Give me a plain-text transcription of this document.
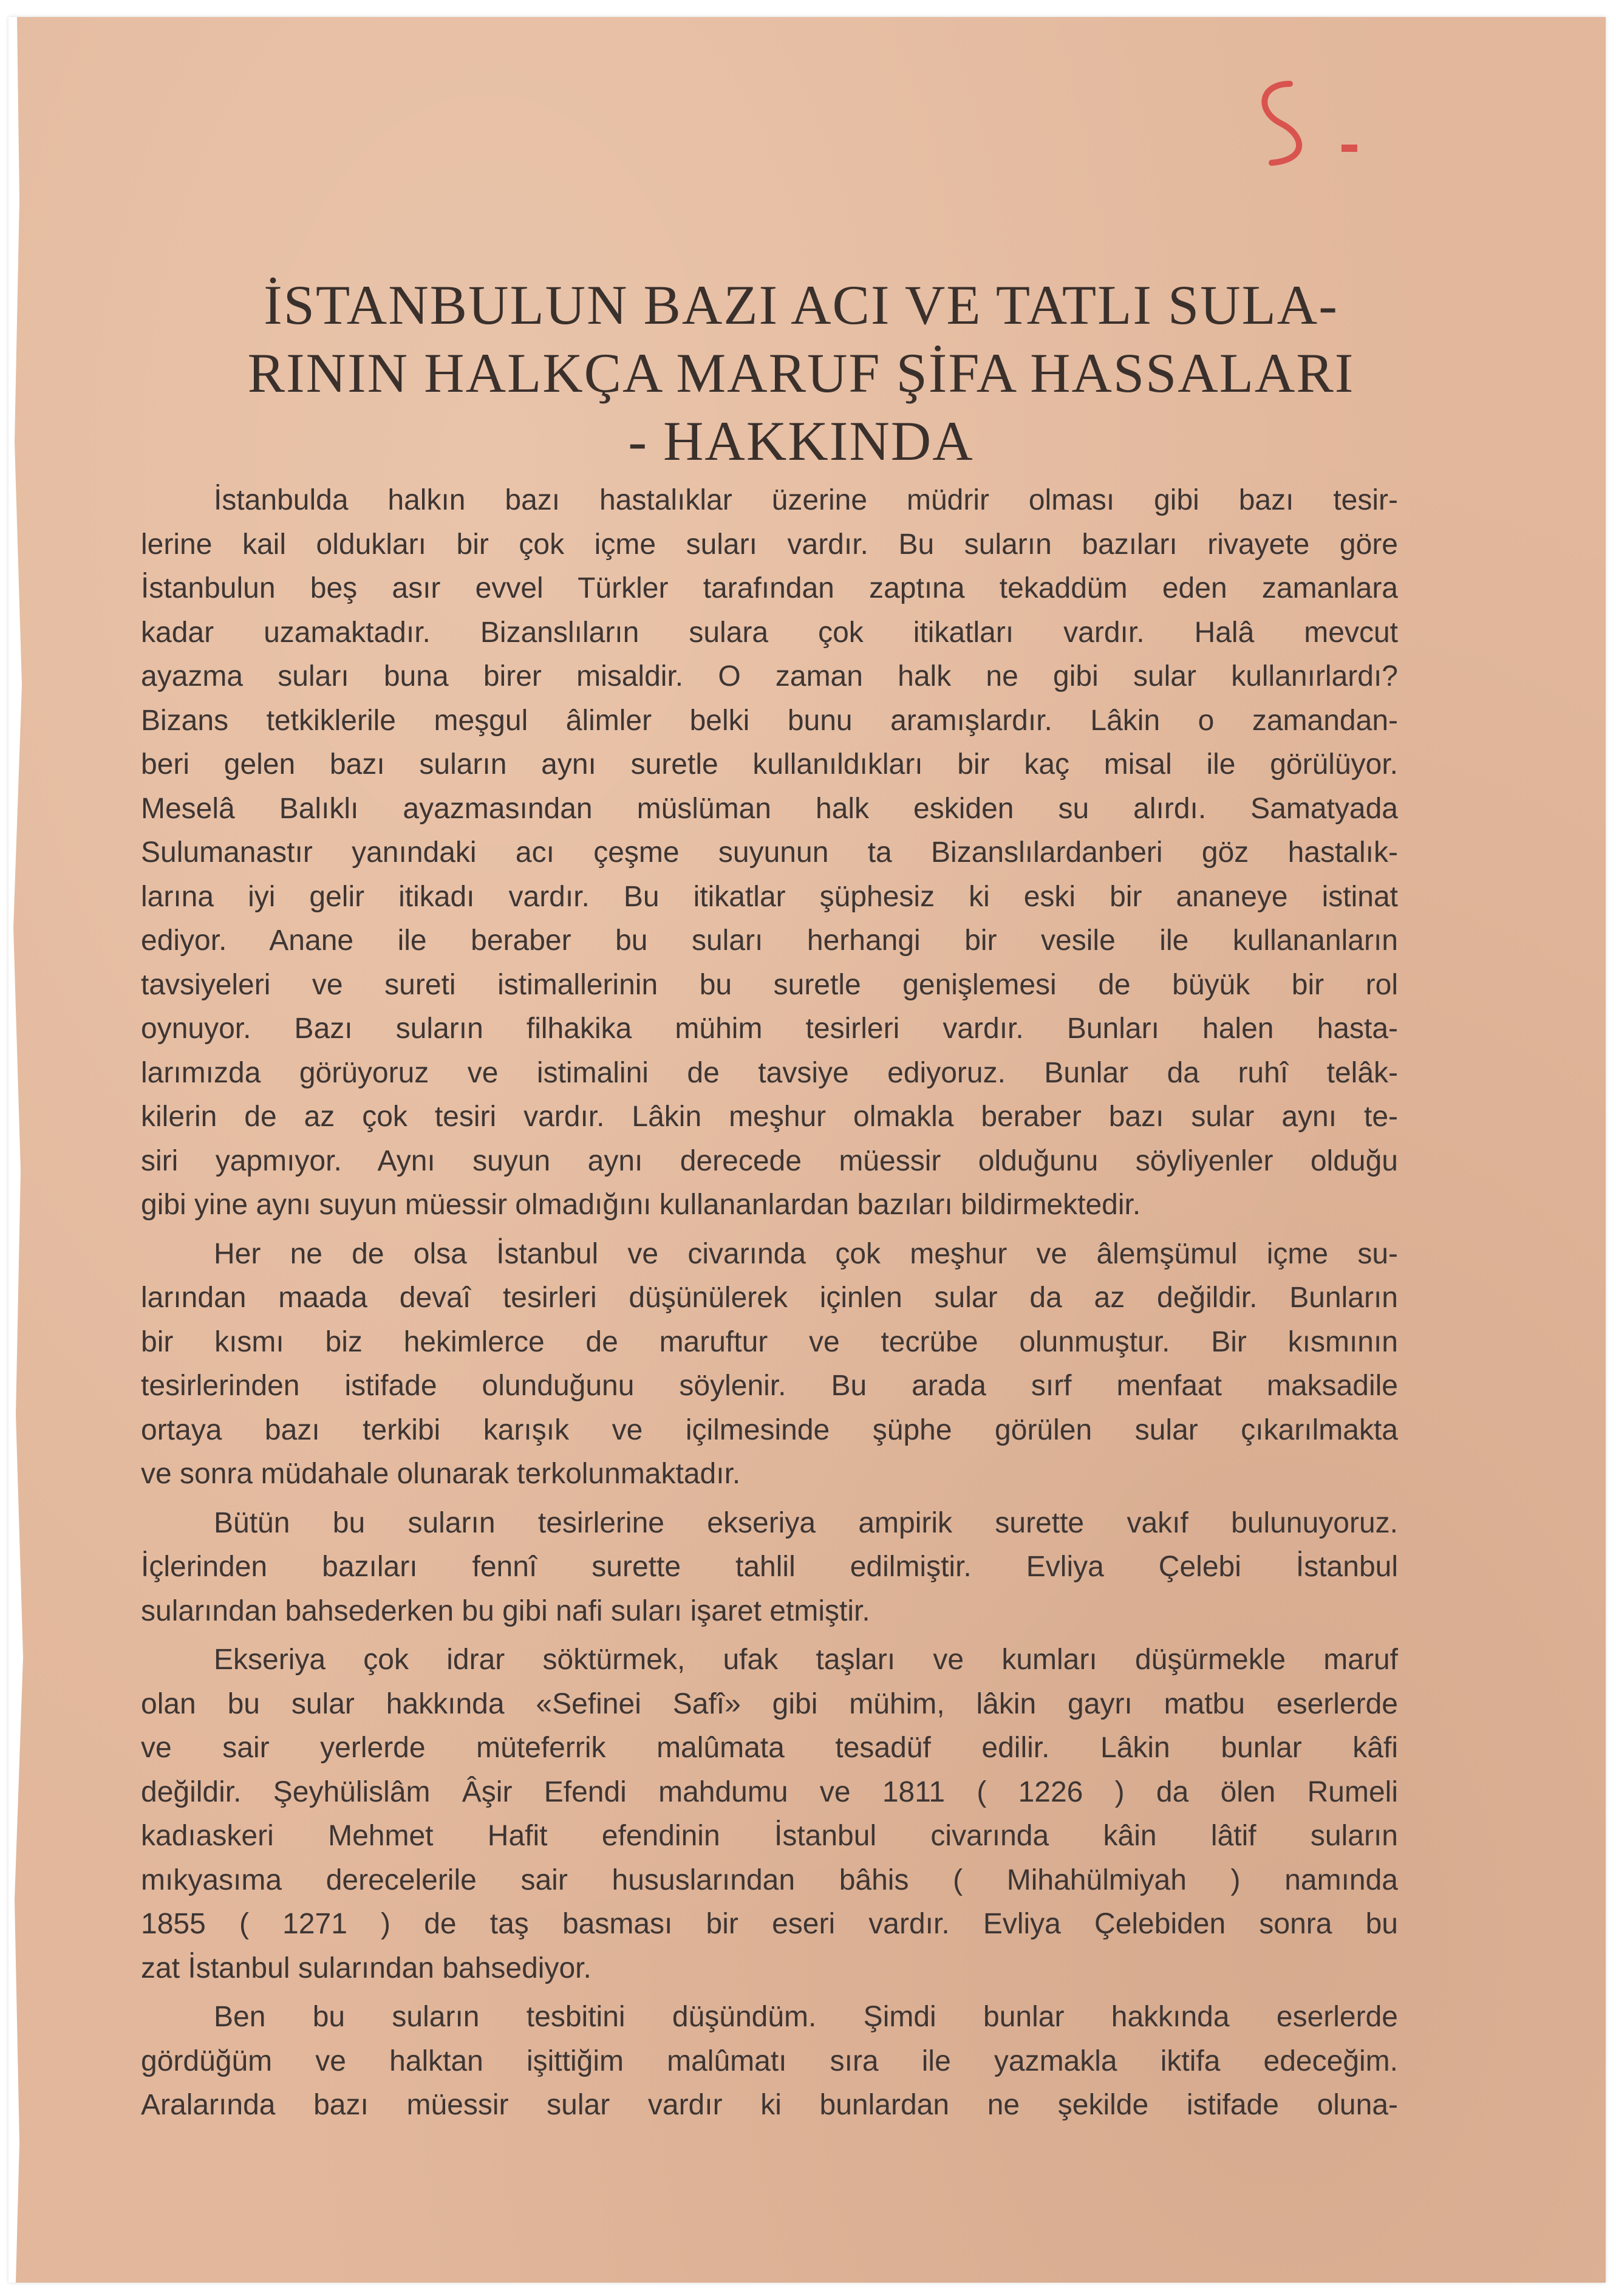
İSTANBULUN BAZI ACI VE TATLI SULA-
RININ HALKÇA MARUF ŞİFA HASSALARI
- HAKKINDA

İstanbulda halkın bazı hastalıklar üzerine müdrir olması gibi bazı tesir-
lerine kail oldukları bir çok içme suları vardır. Bu suların bazıları rivayete göre
İstanbulun beş asır evvel Türkler tarafından zaptına tekaddüm eden zamanlara
kadar uzamaktadır. Bizanslıların sulara çok itikatları vardır. Halâ mevcut
ayazma suları buna birer misaldir. O zaman halk ne gibi sular kullanırlardı?
Bizans tetkiklerile meşgul âlimler belki bunu aramışlardır. Lâkin o zamandan-
beri gelen bazı suların aynı suretle kullanıldıkları bir kaç misal ile görülüyor.
Meselâ Balıklı ayazmasından müslüman halk eskiden su alırdı. Samatyada
Sulumanastır yanındaki acı çeşme suyunun ta Bizanslılardanberi göz hastalık-
larına iyi gelir itikadı vardır. Bu itikatlar şüphesiz ki eski bir ananeye istinat
ediyor. Anane ile beraber bu suları herhangi bir vesile ile kullananların
tavsiyeleri ve sureti istimallerinin bu suretle genişlemesi de büyük bir rol
oynuyor. Bazı suların filhakika mühim tesirleri vardır. Bunları halen hasta-
larımızda görüyoruz ve istimalini de tavsiye ediyoruz. Bunlar da ruhî telâk-
kilerin de az çok tesiri vardır. Lâkin meşhur olmakla beraber bazı sular aynı te-
siri yapmıyor. Aynı suyun aynı derecede müessir olduğunu söyliyenler olduğu
gibi yine aynı suyun müessir olmadığını kullananlardan bazıları bildirmektedir.

Her ne de olsa İstanbul ve civarında çok meşhur ve âlemşümul içme su-
larından maada devaî tesirleri düşünülerek içinlen sular da az değildir. Bunların
bir kısmı biz hekimlerce de maruftur ve tecrübe olunmuştur. Bir kısmının
tesirlerinden istifade olunduğunu söylenir. Bu arada sırf menfaat maksadile
ortaya bazı terkibi karışık ve içilmesinde şüphe görülen sular çıkarılmakta
ve sonra müdahale olunarak terkolunmaktadır.

Bütün bu suların tesirlerine ekseriya ampirik surette vakıf bulunuyoruz.
İçlerinden bazıları fennî surette tahlil edilmiştir. Evliya Çelebi İstanbul
sularından bahsederken bu gibi nafi suları işaret etmiştir.

Ekseriya çok idrar söktürmek, ufak taşları ve kumları düşürmekle maruf
olan bu sular hakkında «Sefinei Safî» gibi mühim, lâkin gayrı matbu eserlerde
ve sair yerlerde müteferrik malûmata tesadüf edilir. Lâkin bunlar kâfi
değildir. Şeyhülislâm Âşir Efendi mahdumu ve 1811 ( 1226 ) da ölen Rumeli
kadıaskeri Mehmet Hafit efendinin İstanbul civarında kâin lâtif suların
mıkyasıma derecelerile sair hususlarından bâhis ( Mihahülmiyah ) namında
1855 ( 1271 ) de taş basması bir eseri vardır. Evliya Çelebiden sonra bu
zat İstanbul sularından bahsediyor.

Ben bu suların tesbitini düşündüm. Şimdi bunlar hakkında eserlerde
gördüğüm ve halktan işittiğim malûmatı sıra ile yazmakla iktifa edeceğim.
Aralarında bazı müessir sular vardır ki bunlardan ne şekilde istifade oluna-
